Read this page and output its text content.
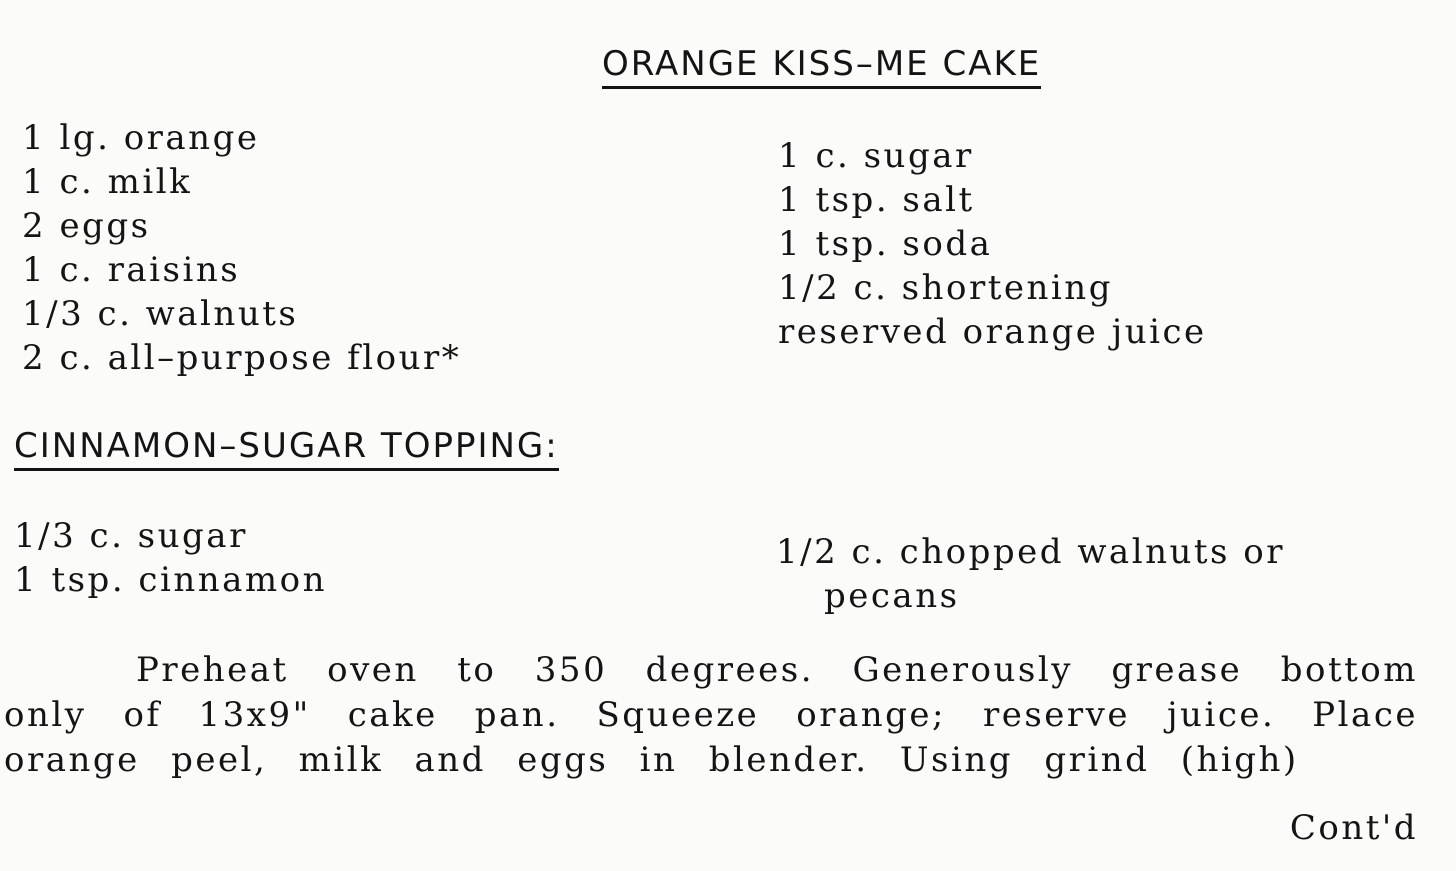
ORANGE KISS–ME CAKE
1 lg. orange
1 c. milk
2 eggs
1 c. raisins
1/3 c. walnuts
2 c. all–purpose flour*
1 c. sugar
1 tsp. salt
1 tsp. soda
1/2 c. shortening
reserved orange juice
CINNAMON–SUGAR TOPPING:
1/3 c. sugar
1 tsp. cinnamon
1/2 c. chopped walnuts or
pecans

Preheat oven to 350 degrees. Generously grease bottom only of 13x9" cake pan. Squeeze orange; reserve juice. Place orange peel, milk and eggs in blender. Using grind (high)

Cont'd
